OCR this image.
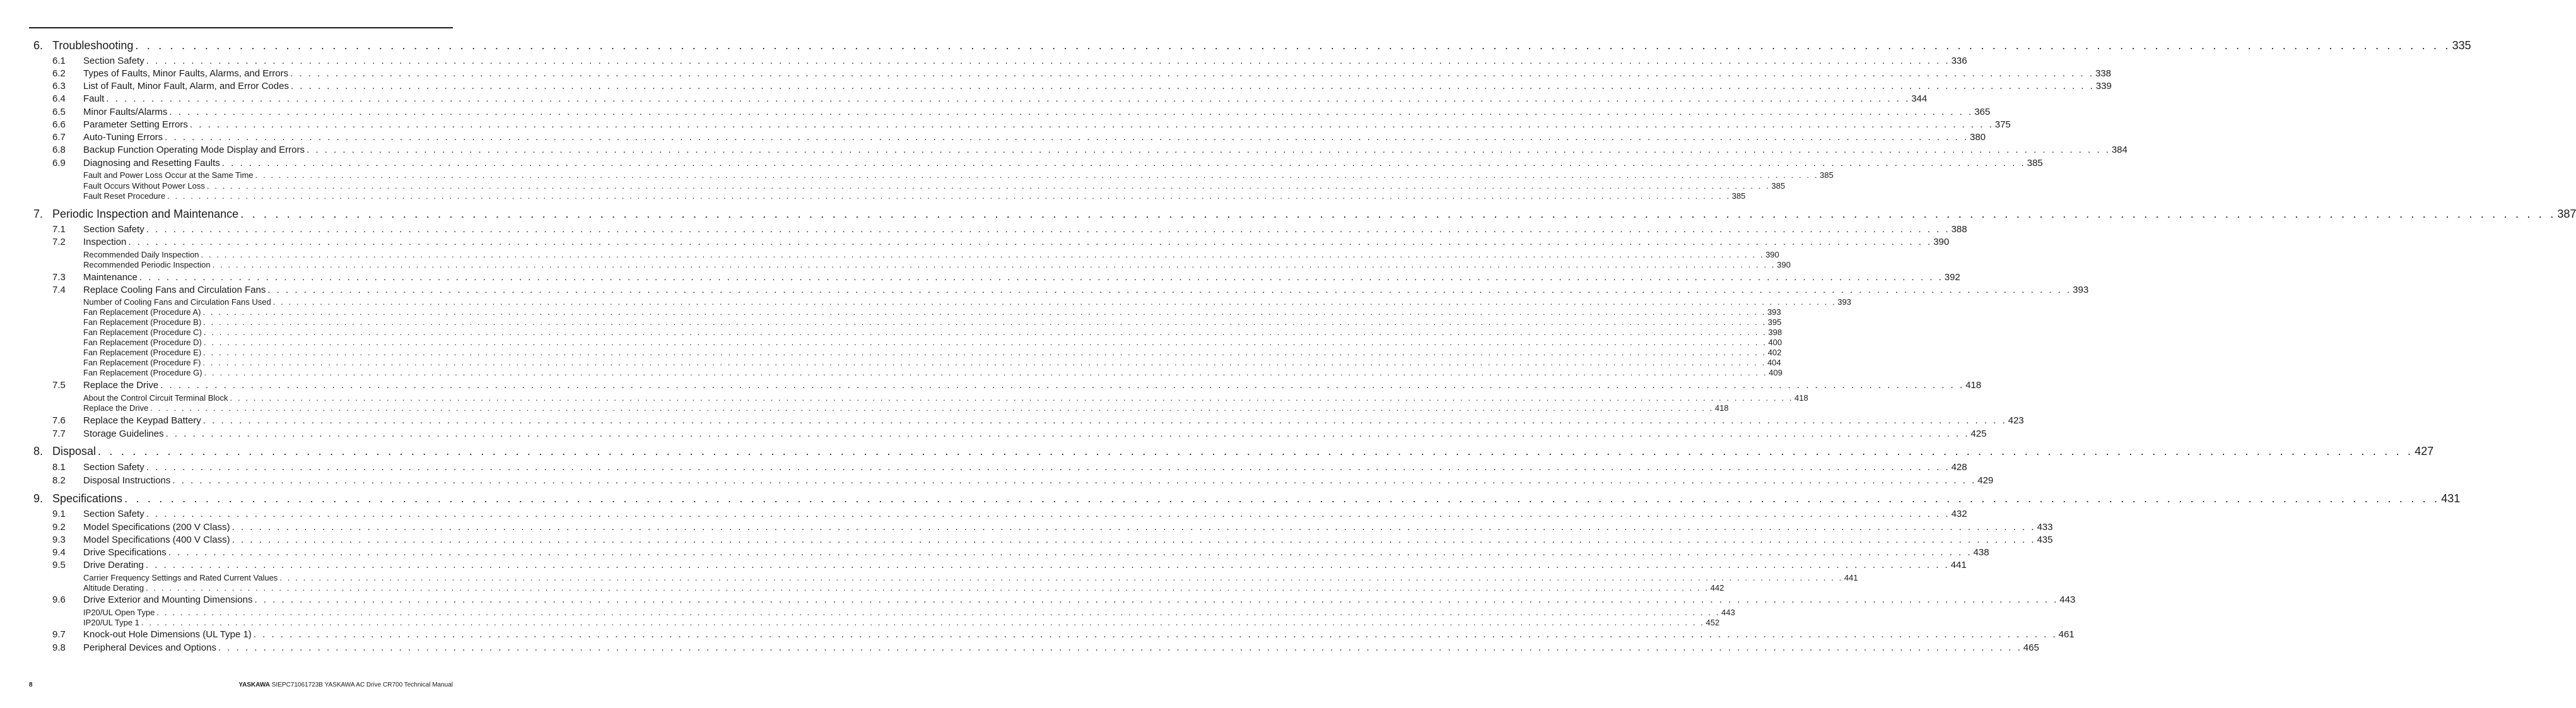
6. Troubleshooting . . . . . . . . . . . . . . . . . . . . . . . . . . . . . . . . . . . . . . . . . . . . . . . . . . . . . . . . . . . . . . . . . . . . . . . . . . . . . . . . . . . . . . . . . . . . . . . . . . . . . . . . . . . . . . . . . . . . . . . . . . . . . . . . . . . . . . . . . . . . . . . . . . . . . . . . . . . . . . . . . . . . . . . . . . . . . . . . . . . . . . . . . . . . . . . . . . . . . . . . 335
6.1 Section Safety . . . . . . . . . . . . . . . . . . . . . . . . . . . . . . . . . . . . . . . . . . . . . . . . . . . . . . . . . . . . . . . . . . . . . . . . . . . . . . . . . . . . . . . . . . . . . . . . . . . . . . . . . . . . . . . . . . . . . . . . . . . . . . . . . . . . . . . . . . . . . . . . . . . . . . . . . . . . . . . . . . . . . . . . . . . . . . . . . . . . . . . . . . . . . . . . . . . . . . . . 336
6.2 Types of Faults, Minor Faults, Alarms, and Errors . . . . . . . . . . . . . . . . . . . . . . . . . . . . . . . . . . . . . . . . . . . . . . . . . . . . . . . . . . . . . . . . . . . . . . . . . . . . . . . . . . . . . . . . . . . . . . . . . . . . . . . . . . . . . . . . . . . . . . . . . . . . . . . . . . . . . . . . . . . . . . . . . . . . . . . . . . . . . . . . . . . . . . . . . . . . . . . . . . . . . . . . . . . . . . . . . . . . . . . . 338
6.3 List of Fault, Minor Fault, Alarm, and Error Codes . . . . . . . . . . . . . . . . . . . . . . . . . . . . . . . . . . . . . . . . . . . . . . . . . . . . . . . . . . . . . . . . . . . . . . . . . . . . . . . . . . . . . . . . . . . . . . . . . . . . . . . . . . . . . . . . . . . . . . . . . . . . . . . . . . . . . . . . . . . . . . . . . . . . . . . . . . . . . . . . . . . . . . . . . . . . . . . . . . . . . . . . . . . . . . . . . . . . . . . . 339
6.4 Fault . . . . . . . . . . . . . . . . . . . . . . . . . . . . . . . . . . . . . . . . . . . . . . . . . . . . . . . . . . . . . . . . . . . . . . . . . . . . . . . . . . . . . . . . . . . . . . . . . . . . . . . . . . . . . . . . . . . . . . . . . . . . . . . . . . . . . . . . . . . . . . . . . . . . . . . . . . . . . . . . . . . . . . . . . . . . . . . . . . . . . . . . . . . . . . . . . . . . . . . . 344
6.5 Minor Faults/Alarms . . . . . . . . . . . . . . . . . . . . . . . . . . . . . . . . . . . . . . . . . . . . . . . . . . . . . . . . . . . . . . . . . . . . . . . . . . . . . . . . . . . . . . . . . . . . . . . . . . . . . . . . . . . . . . . . . . . . . . . . . . . . . . . . . . . . . . . . . . . . . . . . . . . . . . . . . . . . . . . . . . . . . . . . . . . . . . . . . . . . . . . . . . . . . . . . . . . . . . . . 365
6.6 Parameter Setting Errors . . . . . . . . . . . . . . . . . . . . . . . . . . . . . . . . . . . . . . . . . . . . . . . . . . . . . . . . . . . . . . . . . . . . . . . . . . . . . . . . . . . . . . . . . . . . . . . . . . . . . . . . . . . . . . . . . . . . . . . . . . . . . . . . . . . . . . . . . . . . . . . . . . . . . . . . . . . . . . . . . . . . . . . . . . . . . . . . . . . . . . . . . . . . . . . . . . . . . . . . 375
6.7 Auto-Tuning Errors . . . . . . . . . . . . . . . . . . . . . . . . . . . . . . . . . . . . . . . . . . . . . . . . . . . . . . . . . . . . . . . . . . . . . . . . . . . . . . . . . . . . . . . . . . . . . . . . . . . . . . . . . . . . . . . . . . . . . . . . . . . . . . . . . . . . . . . . . . . . . . . . . . . . . . . . . . . . . . . . . . . . . . . . . . . . . . . . . . . . . . . . . . . . . . . . . . . . . . . . 380
6.8 Backup Function Operating Mode Display and Errors . . . . . . . . . . . . . . . . . . . . . . . . . . . . . . . . . . . . . . . . . . . . . . . . . . . . . . . . . . . . . . . . . . . . . . . . . . . . . . . . . . . . . . . . . . . . . . . . . . . . . . . . . . . . . . . . . . . . . . . . . . . . . . . . . . . . . . . . . . . . . . . . . . . . . . . . . . . . . . . . . . . . . . . . . . . . . . . . . . . . . . . . . . . . . . . . . . . . . . . . 384
6.9 Diagnosing and Resetting Faults . . . . . . . . . . . . . . . . . . . . . . . . . . . . . . . . . . . . . . . . . . . . . . . . . . . . . . . . . . . . . . . . . . . . . . . . . . . . . . . . . . . . . . . . . . . . . . . . . . . . . . . . . . . . . . . . . . . . . . . . . . . . . . . . . . . . . . . . . . . . . . . . . . . . . . . . . . . . . . . . . . . . . . . . . . . . . . . . . . . . . . . . . . . . . . . . . . . . . . . . 385
Fault and Power Loss Occur at the Same Time . . . . . . . . . . . . . . . . . . . . . . . . . . . . . . . . . . . . . . . . . . . . . . . . . . . . . . . . . . . . . . . . . . . . . . . . . . . . . . . . . . . . . . . . . . . . . . . . . . . . . . . . . . . . . . . . . . . . . . . . . . . . . . . . . . . . . . . . . . . . . . . . . . . . . . . . . . . . . . . . . . . . . . . . . . . . . . . . . . . . . . . . . . . . . . . . . . . . . . . . 385
Fault Occurs Without Power Loss . . . . . . . . . . . . . . . . . . . . . . . . . . . . . . . . . . . . . . . . . . . . . . . . . . . . . . . . . . . . . . . . . . . . . . . . . . . . . . . . . . . . . . . . . . . . . . . . . . . . . . . . . . . . . . . . . . . . . . . . . . . . . . . . . . . . . . . . . . . . . . . . . . . . . . . . . . . . . . . . . . . . . . . . . . . . . . . . . . . . . . . . . . . . . . . . . . . . . . . . 385
Fault Reset Procedure . . . . . . . . . . . . . . . . . . . . . . . . . . . . . . . . . . . . . . . . . . . . . . . . . . . . . . . . . . . . . . . . . . . . . . . . . . . . . . . . . . . . . . . . . . . . . . . . . . . . . . . . . . . . . . . . . . . . . . . . . . . . . . . . . . . . . . . . . . . . . . . . . . . . . . . . . . . . . . . . . . . . . . . . . . . . . . . . . . . . . . . . . . . . . . . . . . . . . . . . 385
7. Periodic Inspection and Maintenance . . . . . . . . . . . . . . . . . . . . . . . . . . . . . . . . . . . . . . . . . . . . . . . . . . . . . . . . . . . . . . . . . . . . . . . . . . . . . . . . . . . . . . . . . . . . . . . . . . . . . . . . . . . . . . . . . . . . . . . . . . . . . . . . . . . . . . . . . . . . . . . . . . . . . . . . . . . . . . . . . . . . . . . . . . . . . . . . . . . . . . . . . . . . . . . . . . . . . . . . 387
7.1 Section Safety . . . . . . . . . . . . . . . . . . . . . . . . . . . . . . . . . . . . . . . . . . . . . . . . . . . . . . . . . . . . . . . . . . . . . . . . . . . . . . . . . . . . . . . . . . . . . . . . . . . . . . . . . . . . . . . . . . . . . . . . . . . . . . . . . . . . . . . . . . . . . . . . . . . . . . . . . . . . . . . . . . . . . . . . . . . . . . . . . . . . . . . . . . . . . . . . . . . . . . . . 388
7.2 Inspection . . . . . . . . . . . . . . . . . . . . . . . . . . . . . . . . . . . . . . . . . . . . . . . . . . . . . . . . . . . . . . . . . . . . . . . . . . . . . . . . . . . . . . . . . . . . . . . . . . . . . . . . . . . . . . . . . . . . . . . . . . . . . . . . . . . . . . . . . . . . . . . . . . . . . . . . . . . . . . . . . . . . . . . . . . . . . . . . . . . . . . . . . . . . . . . . . . . . . . . . 390
Recommended Daily Inspection . . . . . . . . . . . . . . . . . . . . . . . . . . . . . . . . . . . . . . . . . . . . . . . . . . . . . . . . . . . . . . . . . . . . . . . . . . . . . . . . . . . . . . . . . . . . . . . . . . . . . . . . . . . . . . . . . . . . . . . . . . . . . . . . . . . . . . . . . . . . . . . . . . . . . . . . . . . . . . . . . . . . . . . . . . . . . . . . . . . . . . . . . . . . . . . . . . . . . . . . 390
Recommended Periodic Inspection . . . . . . . . . . . . . . . . . . . . . . . . . . . . . . . . . . . . . . . . . . . . . . . . . . . . . . . . . . . . . . . . . . . . . . . . . . . . . . . . . . . . . . . . . . . . . . . . . . . . . . . . . . . . . . . . . . . . . . . . . . . . . . . . . . . . . . . . . . . . . . . . . . . . . . . . . . . . . . . . . . . . . . . . . . . . . . . . . . . . . . . . . . . . . . . . . . . . . . . . 390
7.3 Maintenance . . . . . . . . . . . . . . . . . . . . . . . . . . . . . . . . . . . . . . . . . . . . . . . . . . . . . . . . . . . . . . . . . . . . . . . . . . . . . . . . . . . . . . . . . . . . . . . . . . . . . . . . . . . . . . . . . . . . . . . . . . . . . . . . . . . . . . . . . . . . . . . . . . . . . . . . . . . . . . . . . . . . . . . . . . . . . . . . . . . . . . . . . . . . . . . . . . . . . . . . 392
7.4 Replace Cooling Fans and Circulation Fans . . . . . . . . . . . . . . . . . . . . . . . . . . . . . . . . . . . . . . . . . . . . . . . . . . . . . . . . . . . . . . . . . . . . . . . . . . . . . . . . . . . . . . . . . . . . . . . . . . . . . . . . . . . . . . . . . . . . . . . . . . . . . . . . . . . . . . . . . . . . . . . . . . . . . . . . . . . . . . . . . . . . . . . . . . . . . . . . . . . . . . . . . . . . . . . . . . . . . . . . 393
Number of Cooling Fans and Circulation Fans Used . . . . . . . . . . . . . . . . . . . . . . . . . . . . . . . . . . . . . . . . . . . . . . . . . . . . . . . . . . . . . . . . . . . . . . . . . . . . . . . . . . . . . . . . . . . . . . . . . . . . . . . . . . . . . . . . . . . . . . . . . . . . . . . . . . . . . . . . . . . . . . . . . . . . . . . . . . . . . . . . . . . . . . . . . . . . . . . . . . . . . . . . . . . . . . . . . . . . . . . . 393
Fan Replacement (Procedure A) . . . . . . . . . . . . . . . . . . . . . . . . . . . . . . . . . . . . . . . . . . . . . . . . . . . . . . . . . . . . . . . . . . . . . . . . . . . . . . . . . . . . . . . . . . . . . . . . . . . . . . . . . . . . . . . . . . . . . . . . . . . . . . . . . . . . . . . . . . . . . . . . . . . . . . . . . . . . . . . . . . . . . . . . . . . . . . . . . . . . . . . . . . . . . . . . . . . . . . . . 393
Fan Replacement (Procedure B) . . . . . . . . . . . . . . . . . . . . . . . . . . . . . . . . . . . . . . . . . . . . . . . . . . . . . . . . . . . . . . . . . . . . . . . . . . . . . . . . . . . . . . . . . . . . . . . . . . . . . . . . . . . . . . . . . . . . . . . . . . . . . . . . . . . . . . . . . . . . . . . . . . . . . . . . . . . . . . . . . . . . . . . . . . . . . . . . . . . . . . . . . . . . . . . . . . . . . . . . 395
Fan Replacement (Procedure C) . . . . . . . . . . . . . . . . . . . . . . . . . . . . . . . . . . . . . . . . . . . . . . . . . . . . . . . . . . . . . . . . . . . . . . . . . . . . . . . . . . . . . . . . . . . . . . . . . . . . . . . . . . . . . . . . . . . . . . . . . . . . . . . . . . . . . . . . . . . . . . . . . . . . . . . . . . . . . . . . . . . . . . . . . . . . . . . . . . . . . . . . . . . . . . . . . . . . . . . . 398
Fan Replacement (Procedure D) . . . . . . . . . . . . . . . . . . . . . . . . . . . . . . . . . . . . . . . . . . . . . . . . . . . . . . . . . . . . . . . . . . . . . . . . . . . . . . . . . . . . . . . . . . . . . . . . . . . . . . . . . . . . . . . . . . . . . . . . . . . . . . . . . . . . . . . . . . . . . . . . . . . . . . . . . . . . . . . . . . . . . . . . . . . . . . . . . . . . . . . . . . . . . . . . . . . . . . . . 400
Fan Replacement (Procedure E) . . . . . . . . . . . . . . . . . . . . . . . . . . . . . . . . . . . . . . . . . . . . . . . . . . . . . . . . . . . . . . . . . . . . . . . . . . . . . . . . . . . . . . . . . . . . . . . . . . . . . . . . . . . . . . . . . . . . . . . . . . . . . . . . . . . . . . . . . . . . . . . . . . . . . . . . . . . . . . . . . . . . . . . . . . . . . . . . . . . . . . . . . . . . . . . . . . . . . . . . 402
Fan Replacement (Procedure F) . . . . . . . . . . . . . . . . . . . . . . . . . . . . . . . . . . . . . . . . . . . . . . . . . . . . . . . . . . . . . . . . . . . . . . . . . . . . . . . . . . . . . . . . . . . . . . . . . . . . . . . . . . . . . . . . . . . . . . . . . . . . . . . . . . . . . . . . . . . . . . . . . . . . . . . . . . . . . . . . . . . . . . . . . . . . . . . . . . . . . . . . . . . . . . . . . . . . . . . . 404
Fan Replacement (Procedure G) . . . . . . . . . . . . . . . . . . . . . . . . . . . . . . . . . . . . . . . . . . . . . . . . . . . . . . . . . . . . . . . . . . . . . . . . . . . . . . . . . . . . . . . . . . . . . . . . . . . . . . . . . . . . . . . . . . . . . . . . . . . . . . . . . . . . . . . . . . . . . . . . . . . . . . . . . . . . . . . . . . . . . . . . . . . . . . . . . . . . . . . . . . . . . . . . . . . . . . . . 409
7.5 Replace the Drive . . . . . . . . . . . . . . . . . . . . . . . . . . . . . . . . . . . . . . . . . . . . . . . . . . . . . . . . . . . . . . . . . . . . . . . . . . . . . . . . . . . . . . . . . . . . . . . . . . . . . . . . . . . . . . . . . . . . . . . . . . . . . . . . . . . . . . . . . . . . . . . . . . . . . . . . . . . . . . . . . . . . . . . . . . . . . . . . . . . . . . . . . . . . . . . . . . . . . . . . 418
About the Control Circuit Terminal Block . . . . . . . . . . . . . . . . . . . . . . . . . . . . . . . . . . . . . . . . . . . . . . . . . . . . . . . . . . . . . . . . . . . . . . . . . . . . . . . . . . . . . . . . . . . . . . . . . . . . . . . . . . . . . . . . . . . . . . . . . . . . . . . . . . . . . . . . . . . . . . . . . . . . . . . . . . . . . . . . . . . . . . . . . . . . . . . . . . . . . . . . . . . . . . . . . . . . . . . . 418
Replace the Drive . . . . . . . . . . . . . . . . . . . . . . . . . . . . . . . . . . . . . . . . . . . . . . . . . . . . . . . . . . . . . . . . . . . . . . . . . . . . . . . . . . . . . . . . . . . . . . . . . . . . . . . . . . . . . . . . . . . . . . . . . . . . . . . . . . . . . . . . . . . . . . . . . . . . . . . . . . . . . . . . . . . . . . . . . . . . . . . . . . . . . . . . . . . . . . . . . . . . . . . . 418
7.6 Replace the Keypad Battery . . . . . . . . . . . . . . . . . . . . . . . . . . . . . . . . . . . . . . . . . . . . . . . . . . . . . . . . . . . . . . . . . . . . . . . . . . . . . . . . . . . . . . . . . . . . . . . . . . . . . . . . . . . . . . . . . . . . . . . . . . . . . . . . . . . . . . . . . . . . . . . . . . . . . . . . . . . . . . . . . . . . . . . . . . . . . . . . . . . . . . . . . . . . . . . . . . . . . . . . 423
7.7 Storage Guidelines . . . . . . . . . . . . . . . . . . . . . . . . . . . . . . . . . . . . . . . . . . . . . . . . . . . . . . . . . . . . . . . . . . . . . . . . . . . . . . . . . . . . . . . . . . . . . . . . . . . . . . . . . . . . . . . . . . . . . . . . . . . . . . . . . . . . . . . . . . . . . . . . . . . . . . . . . . . . . . . . . . . . . . . . . . . . . . . . . . . . . . . . . . . . . . . . . . . . . . . . 425
8. Disposal . . . . . . . . . . . . . . . . . . . . . . . . . . . . . . . . . . . . . . . . . . . . . . . . . . . . . . . . . . . . . . . . . . . . . . . . . . . . . . . . . . . . . . . . . . . . . . . . . . . . . . . . . . . . . . . . . . . . . . . . . . . . . . . . . . . . . . . . . . . . . . . . . . . . . . . . . . . . . . . . . . . . . . . . . . . . . . . . . . . . . . . . . . . . . . . . . . . . . . . . 427
8.1 Section Safety . . . . . . . . . . . . . . . . . . . . . . . . . . . . . . . . . . . . . . . . . . . . . . . . . . . . . . . . . . . . . . . . . . . . . . . . . . . . . . . . . . . . . . . . . . . . . . . . . . . . . . . . . . . . . . . . . . . . . . . . . . . . . . . . . . . . . . . . . . . . . . . . . . . . . . . . . . . . . . . . . . . . . . . . . . . . . . . . . . . . . . . . . . . . . . . . . . . . . . . . 428
8.2 Disposal Instructions . . . . . . . . . . . . . . . . . . . . . . . . . . . . . . . . . . . . . . . . . . . . . . . . . . . . . . . . . . . . . . . . . . . . . . . . . . . . . . . . . . . . . . . . . . . . . . . . . . . . . . . . . . . . . . . . . . . . . . . . . . . . . . . . . . . . . . . . . . . . . . . . . . . . . . . . . . . . . . . . . . . . . . . . . . . . . . . . . . . . . . . . . . . . . . . . . . . . . . . . 429
9. Specifications . . . . . . . . . . . . . . . . . . . . . . . . . . . . . . . . . . . . . . . . . . . . . . . . . . . . . . . . . . . . . . . . . . . . . . . . . . . . . . . . . . . . . . . . . . . . . . . . . . . . . . . . . . . . . . . . . . . . . . . . . . . . . . . . . . . . . . . . . . . . . . . . . . . . . . . . . . . . . . . . . . . . . . . . . . . . . . . . . . . . . . . . . . . . . . . . . . . . . . . . 431
9.1 Section Safety . . . . . . . . . . . . . . . . . . . . . . . . . . . . . . . . . . . . . . . . . . . . . . . . . . . . . . . . . . . . . . . . . . . . . . . . . . . . . . . . . . . . . . . . . . . . . . . . . . . . . . . . . . . . . . . . . . . . . . . . . . . . . . . . . . . . . . . . . . . . . . . . . . . . . . . . . . . . . . . . . . . . . . . . . . . . . . . . . . . . . . . . . . . . . . . . . . . . . . . . 432
9.2 Model Specifications (200 V Class) . . . . . . . . . . . . . . . . . . . . . . . . . . . . . . . . . . . . . . . . . . . . . . . . . . . . . . . . . . . . . . . . . . . . . . . . . . . . . . . . . . . . . . . . . . . . . . . . . . . . . . . . . . . . . . . . . . . . . . . . . . . . . . . . . . . . . . . . . . . . . . . . . . . . . . . . . . . . . . . . . . . . . . . . . . . . . . . . . . . . . . . . . . . . . . . . . . . . . . . . 433
9.3 Model Specifications (400 V Class) . . . . . . . . . . . . . . . . . . . . . . . . . . . . . . . . . . . . . . . . . . . . . . . . . . . . . . . . . . . . . . . . . . . . . . . . . . . . . . . . . . . . . . . . . . . . . . . . . . . . . . . . . . . . . . . . . . . . . . . . . . . . . . . . . . . . . . . . . . . . . . . . . . . . . . . . . . . . . . . . . . . . . . . . . . . . . . . . . . . . . . . . . . . . . . . . . . . . . . . . 435
9.4 Drive Specifications . . . . . . . . . . . . . . . . . . . . . . . . . . . . . . . . . . . . . . . . . . . . . . . . . . . . . . . . . . . . . . . . . . . . . . . . . . . . . . . . . . . . . . . . . . . . . . . . . . . . . . . . . . . . . . . . . . . . . . . . . . . . . . . . . . . . . . . . . . . . . . . . . . . . . . . . . . . . . . . . . . . . . . . . . . . . . . . . . . . . . . . . . . . . . . . . . . . . . . . . 438
9.5 Drive Derating . . . . . . . . . . . . . . . . . . . . . . . . . . . . . . . . . . . . . . . . . . . . . . . . . . . . . . . . . . . . . . . . . . . . . . . . . . . . . . . . . . . . . . . . . . . . . . . . . . . . . . . . . . . . . . . . . . . . . . . . . . . . . . . . . . . . . . . . . . . . . . . . . . . . . . . . . . . . . . . . . . . . . . . . . . . . . . . . . . . . . . . . . . . . . . . . . . . . . . . . 441
Carrier Frequency Settings and Rated Current Values . . . . . . . . . . . . . . . . . . . . . . . . . . . . . . . . . . . . . . . . . . . . . . . . . . . . . . . . . . . . . . . . . . . . . . . . . . . . . . . . . . . . . . . . . . . . . . . . . . . . . . . . . . . . . . . . . . . . . . . . . . . . . . . . . . . . . . . . . . . . . . . . . . . . . . . . . . . . . . . . . . . . . . . . . . . . . . . . . . . . . . . . . . . . . . . . . . . . . . . . 441
Altitude Derating . . . . . . . . . . . . . . . . . . . . . . . . . . . . . . . . . . . . . . . . . . . . . . . . . . . . . . . . . . . . . . . . . . . . . . . . . . . . . . . . . . . . . . . . . . . . . . . . . . . . . . . . . . . . . . . . . . . . . . . . . . . . . . . . . . . . . . . . . . . . . . . . . . . . . . . . . . . . . . . . . . . . . . . . . . . . . . . . . . . . . . . . . . . . . . . . . . . . . . . . 442
9.6 Drive Exterior and Mounting Dimensions . . . . . . . . . . . . . . . . . . . . . . . . . . . . . . . . . . . . . . . . . . . . . . . . . . . . . . . . . . . . . . . . . . . . . . . . . . . . . . . . . . . . . . . . . . . . . . . . . . . . . . . . . . . . . . . . . . . . . . . . . . . . . . . . . . . . . . . . . . . . . . . . . . . . . . . . . . . . . . . . . . . . . . . . . . . . . . . . . . . . . . . . . . . . . . . . . . . . . . . . 443
IP20/UL Open Type . . . . . . . . . . . . . . . . . . . . . . . . . . . . . . . . . . . . . . . . . . . . . . . . . . . . . . . . . . . . . . . . . . . . . . . . . . . . . . . . . . . . . . . . . . . . . . . . . . . . . . . . . . . . . . . . . . . . . . . . . . . . . . . . . . . . . . . . . . . . . . . . . . . . . . . . . . . . . . . . . . . . . . . . . . . . . . . . . . . . . . . . . . . . . . . . . . . . . . . . 443
IP20/UL Type 1 . . . . . . . . . . . . . . . . . . . . . . . . . . . . . . . . . . . . . . . . . . . . . . . . . . . . . . . . . . . . . . . . . . . . . . . . . . . . . . . . . . . . . . . . . . . . . . . . . . . . . . . . . . . . . . . . . . . . . . . . . . . . . . . . . . . . . . . . . . . . . . . . . . . . . . . . . . . . . . . . . . . . . . . . . . . . . . . . . . . . . . . . . . . . . . . . . . . . . . . . 452
9.7 Knock-out Hole Dimensions (UL Type 1) . . . . . . . . . . . . . . . . . . . . . . . . . . . . . . . . . . . . . . . . . . . . . . . . . . . . . . . . . . . . . . . . . . . . . . . . . . . . . . . . . . . . . . . . . . . . . . . . . . . . . . . . . . . . . . . . . . . . . . . . . . . . . . . . . . . . . . . . . . . . . . . . . . . . . . . . . . . . . . . . . . . . . . . . . . . . . . . . . . . . . . . . . . . . . . . . . . . . . . . . 461
9.8 Peripheral Devices and Options . . . . . . . . . . . . . . . . . . . . . . . . . . . . . . . . . . . . . . . . . . . . . . . . . . . . . . . . . . . . . . . . . . . . . . . . . . . . . . . . . . . . . . . . . . . . . . . . . . . . . . . . . . . . . . . . . . . . . . . . . . . . . . . . . . . . . . . . . . . . . . . . . . . . . . . . . . . . . . . . . . . . . . . . . . . . . . . . . . . . . . . . . . . . . . . . . . . . . . . . 465
8	YASKAWA SIEPC71061723B YASKAWA AC Drive CR700 Technical Manual
